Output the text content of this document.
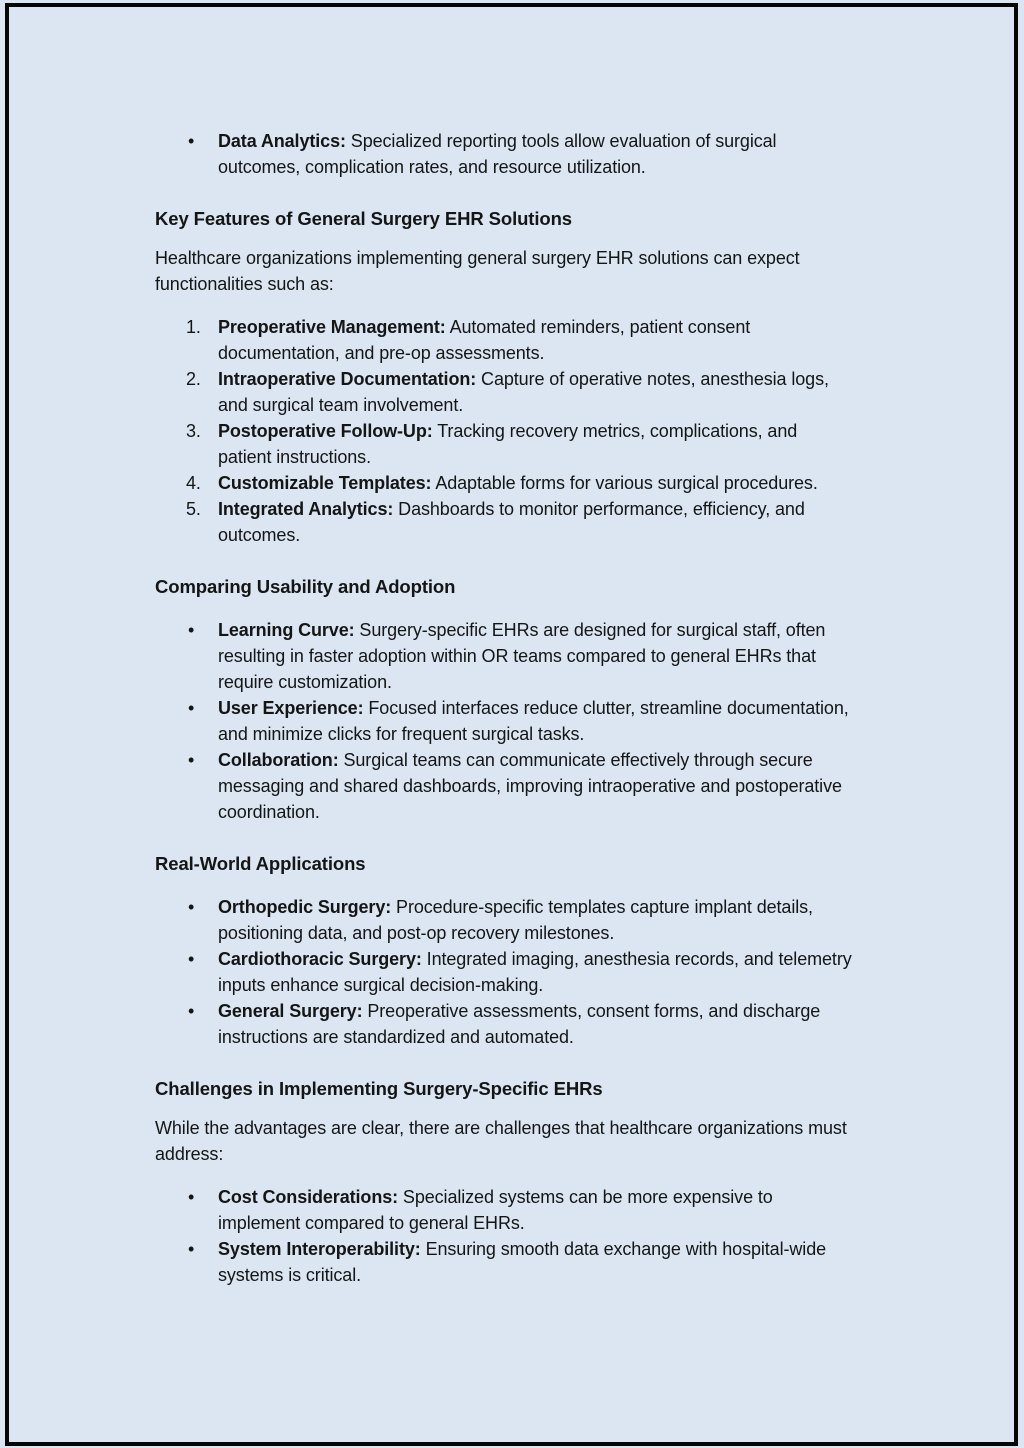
• Data Analytics: Specialized reporting tools allow evaluation of surgical outcomes, complication rates, and resource utilization.
Key Features of General Surgery EHR Solutions

Healthcare organizations implementing general surgery EHR solutions can expect functionalities such as:

1. Preoperative Management: Automated reminders, patient consent documentation, and pre-op assessments.
2. Intraoperative Documentation: Capture of operative notes, anesthesia logs, and surgical team involvement.
3. Postoperative Follow-Up: Tracking recovery metrics, complications, and patient instructions.
4. Customizable Templates: Adaptable forms for various surgical procedures.
5. Integrated Analytics: Dashboards to monitor performance, efficiency, and outcomes.
Comparing Usability and Adoption
• Learning Curve: Surgery-specific EHRs are designed for surgical staff, often resulting in faster adoption within OR teams compared to general EHRs that require customization.
• User Experience: Focused interfaces reduce clutter, streamline documentation, and minimize clicks for frequent surgical tasks.
• Collaboration: Surgical teams can communicate effectively through secure messaging and shared dashboards, improving intraoperative and postoperative coordination.
Real-World Applications
• Orthopedic Surgery: Procedure-specific templates capture implant details, positioning data, and post-op recovery milestones.
• Cardiothoracic Surgery: Integrated imaging, anesthesia records, and telemetry inputs enhance surgical decision-making.
• General Surgery: Preoperative assessments, consent forms, and discharge instructions are standardized and automated.
Challenges in Implementing Surgery-Specific EHRs

While the advantages are clear, there are challenges that healthcare organizations must address:

• Cost Considerations: Specialized systems can be more expensive to implement compared to general EHRs.
• System Interoperability: Ensuring smooth data exchange with hospital-wide systems is critical.
